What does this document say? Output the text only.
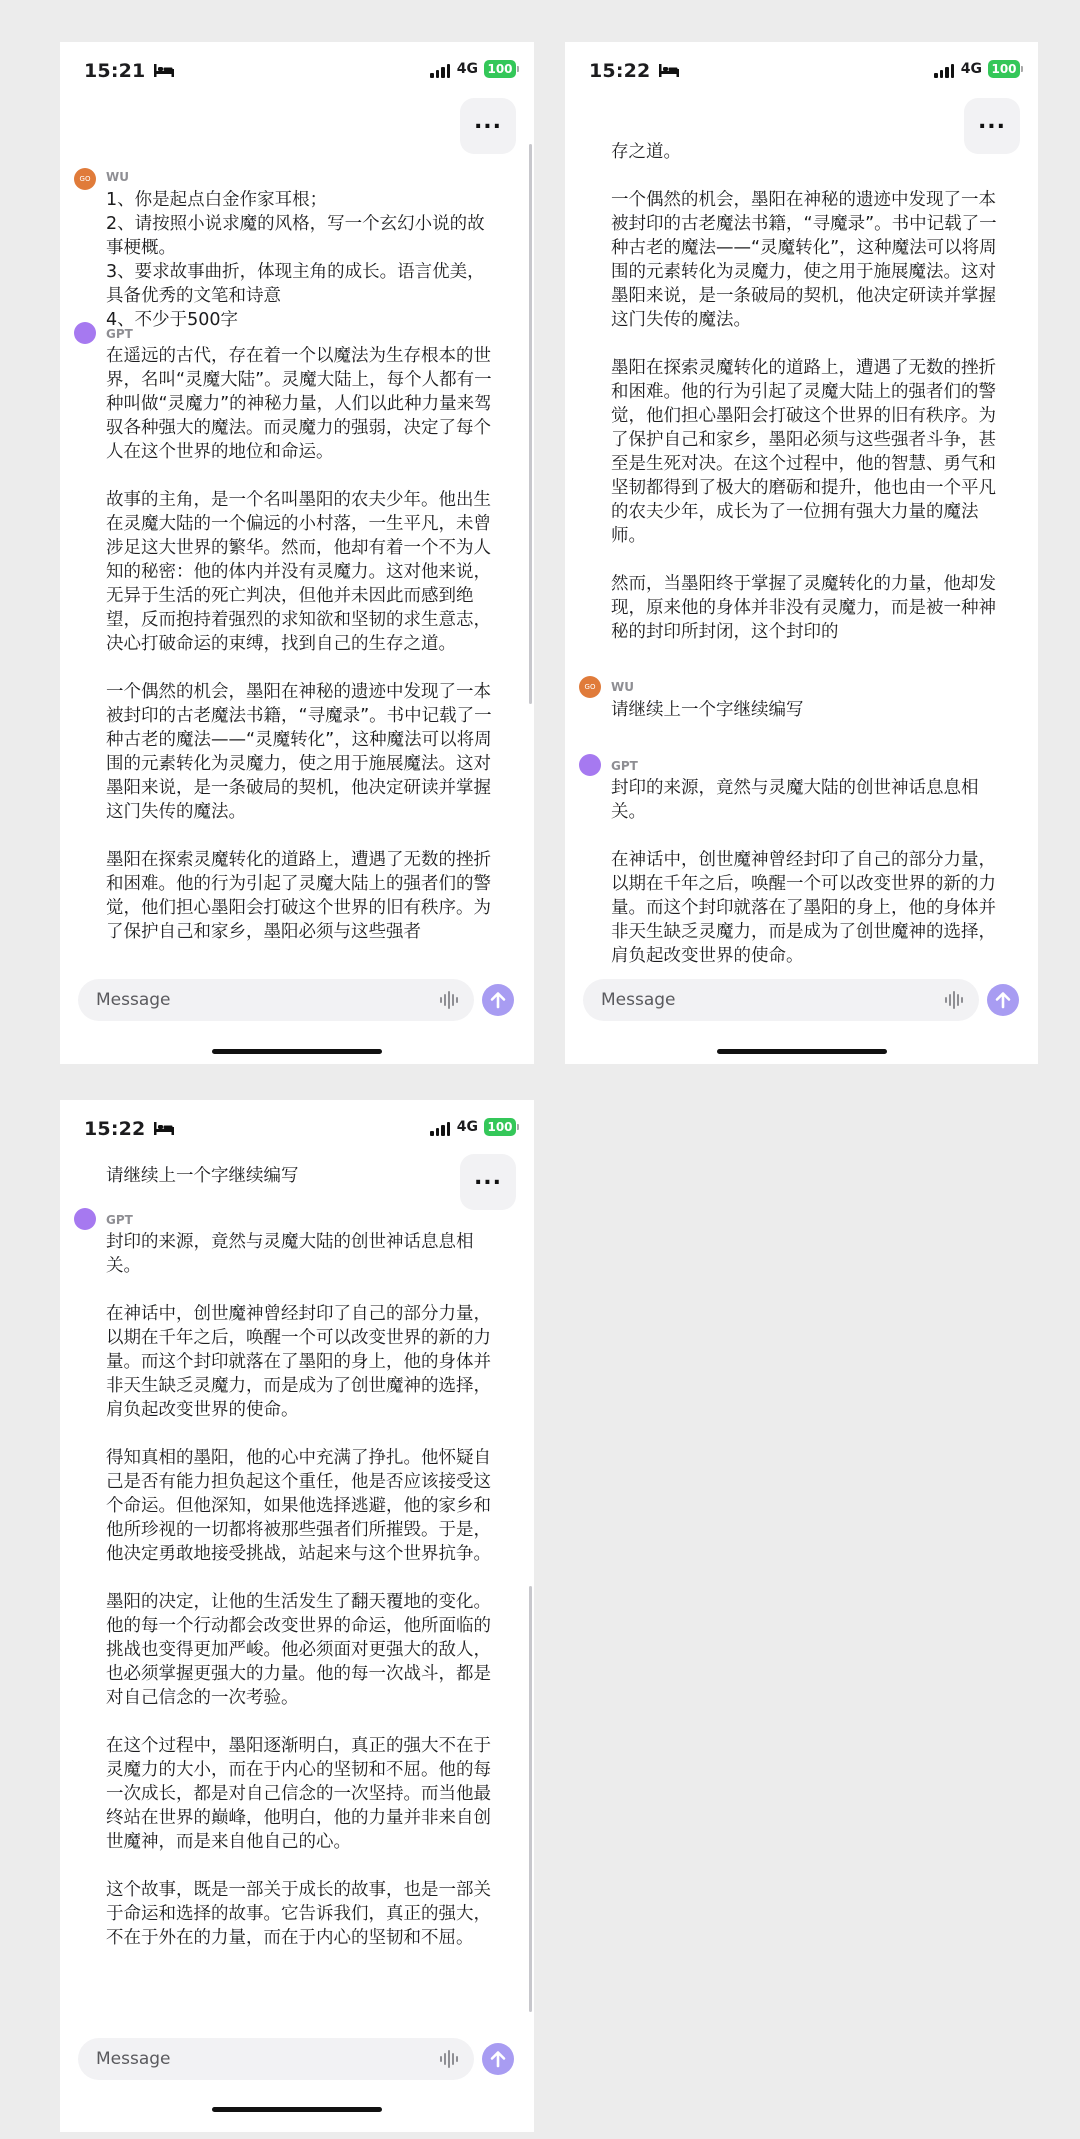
15:21	4G 100
...
GO	WU
1、你是起点白金作家耳根；
2、请按照小说求魔的风格，写一个玄幻小说的故事梗概。
3、要求故事曲折，体现主角的成长。语言优美，具备优秀的文笔和诗意
4、不少于500字
GPT
在遥远的古代，存在着一个以魔法为生存根本的世界，名叫“灵魔大陆”。灵魔大陆上，每个人都有一种叫做“灵魔力”的神秘力量，人们以此种力量来驾驭各种强大的魔法。而灵魔力的强弱，决定了每个人在这个世界的地位和命运。

故事的主角，是一个名叫墨阳的农夫少年。他出生在灵魔大陆的一个偏远的小村落，一生平凡，未曾涉足这大世界的繁华。然而，他却有着一个不为人知的秘密：他的体内并没有灵魔力。这对他来说，无异于生活的死亡判决，但他并未因此而感到绝望，反而抱持着强烈的求知欲和坚韧的求生意志，决心打破命运的束缚，找到自己的生存之道。

一个偶然的机会，墨阳在神秘的遗迹中发现了一本被封印的古老魔法书籍，“寻魔录”。书中记载了一种古老的魔法——“灵魔转化”，这种魔法可以将周围的元素转化为灵魔力，使之用于施展魔法。这对墨阳来说，是一条破局的契机，他决定研读并掌握这门失传的魔法。

墨阳在探索灵魔转化的道路上，遭遇了无数的挫折和困难。他的行为引起了灵魔大陆上的强者们的警觉，他们担心墨阳会打破这个世界的旧有秩序。为了保护自己和家乡，墨阳必须与这些强者
Message
15:22	4G 100
...
存之道。

一个偶然的机会，墨阳在神秘的遗迹中发现了一本被封印的古老魔法书籍，“寻魔录”。书中记载了一种古老的魔法——“灵魔转化”，这种魔法可以将周围的元素转化为灵魔力，使之用于施展魔法。这对墨阳来说，是一条破局的契机，他决定研读并掌握这门失传的魔法。

墨阳在探索灵魔转化的道路上，遭遇了无数的挫折和困难。他的行为引起了灵魔大陆上的强者们的警觉，他们担心墨阳会打破这个世界的旧有秩序。为了保护自己和家乡，墨阳必须与这些强者斗争，甚至是生死对决。在这个过程中，他的智慧、勇气和坚韧都得到了极大的磨砺和提升，他也由一个平凡的农夫少年，成长为了一位拥有强大力量的魔法师。

然而，当墨阳终于掌握了灵魔转化的力量，他却发现，原来他的身体并非没有灵魔力，而是被一种神秘的封印所封闭，这个封印的
GO	WU
请继续上一个字继续编写
GPT
封印的来源，竟然与灵魔大陆的创世神话息息相关。

在神话中，创世魔神曾经封印了自己的部分力量，以期在千年之后，唤醒一个可以改变世界的新的力量。而这个封印就落在了墨阳的身上，他的身体并非天生缺乏灵魔力，而是成为了创世魔神的选择，肩负起改变世界的使命。

Message
15:22	4G 100
...
请继续上一个字继续编写
GPT
封印的来源，竟然与灵魔大陆的创世神话息息相关。

在神话中，创世魔神曾经封印了自己的部分力量，以期在千年之后，唤醒一个可以改变世界的新的力量。而这个封印就落在了墨阳的身上，他的身体并非天生缺乏灵魔力，而是成为了创世魔神的选择，肩负起改变世界的使命。

得知真相的墨阳，他的心中充满了挣扎。他怀疑自己是否有能力担负起这个重任，他是否应该接受这个命运。但他深知，如果他选择逃避，他的家乡和他所珍视的一切都将被那些强者们所摧毁。于是，他决定勇敢地接受挑战，站起来与这个世界抗争。

墨阳的决定，让他的生活发生了翻天覆地的变化。他的每一个行动都会改变世界的命运，他所面临的挑战也变得更加严峻。他必须面对更强大的敌人，也必须掌握更强大的力量。他的每一次战斗，都是对自己信念的一次考验。

在这个过程中，墨阳逐渐明白，真正的强大不在于灵魔力的大小，而在于内心的坚韧和不屈。他的每一次成长，都是对自己信念的一次坚持。而当他最终站在世界的巅峰，他明白，他的力量并非来自创世魔神，而是来自他自己的心。

这个故事，既是一部关于成长的故事，也是一部关于命运和选择的故事。它告诉我们，真正的强大，不在于外在的力量，而在于内心的坚韧和不屈。
Message
